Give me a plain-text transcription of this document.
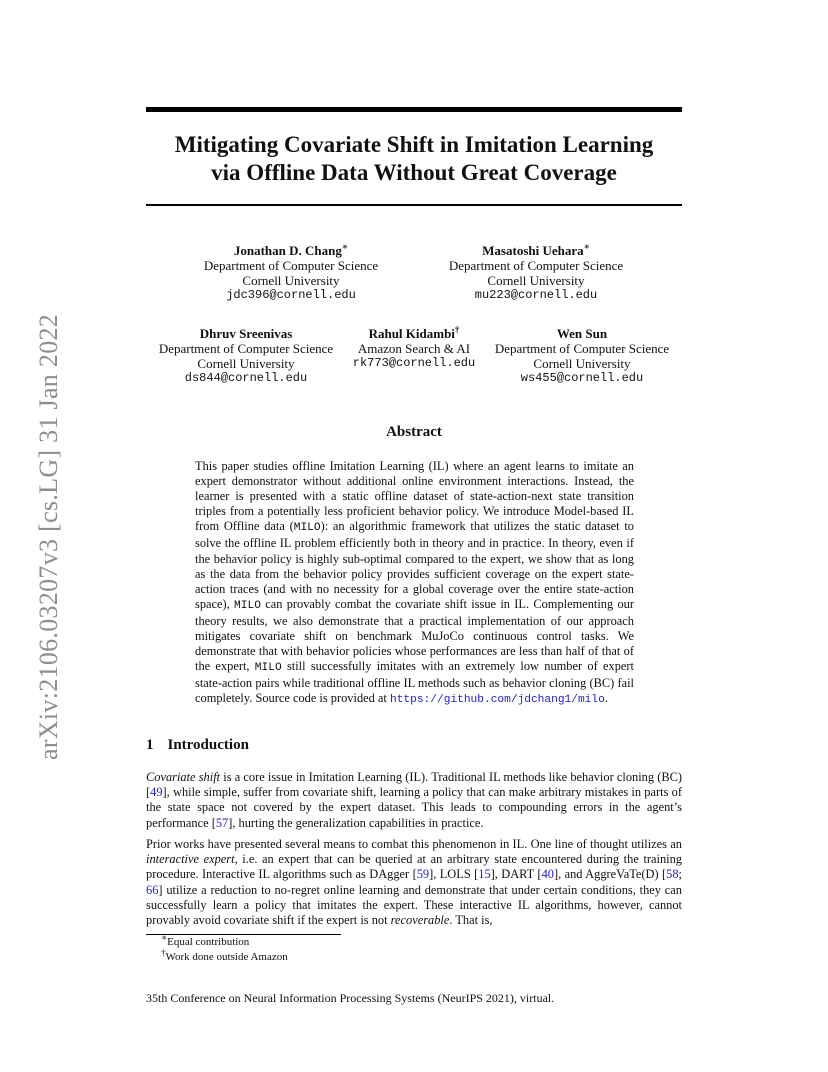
arXiv:2106.03207v3 [cs.LG] 31 Jan 2022
Mitigating Covariate Shift in Imitation Learning
via Offline Data Without Great Coverage
Jonathan D. Chang∗
Department of Computer Science
Cornell University
jdc396@cornell.edu
Masatoshi Uehara∗
Department of Computer Science
Cornell University
mu223@cornell.edu
Dhruv Sreenivas
Department of Computer Science
Cornell University
ds844@cornell.edu
Rahul Kidambi†
Amazon Search & AI
rk773@cornell.edu
Wen Sun
Department of Computer Science
Cornell University
ws455@cornell.edu
Abstract
This paper studies offline Imitation Learning (IL) where an agent learns to imitate an expert demonstrator without additional online environment interactions. Instead, the learner is presented with a static offline dataset of state-action-next state transition triples from a potentially less proficient behavior policy. We introduce Model-based IL from Offline data (MILO): an algorithmic framework that utilizes the static dataset to solve the offline IL problem efficiently both in theory and in practice. In theory, even if the behavior policy is highly sub-optimal compared to the expert, we show that as long as the data from the behavior policy provides sufficient coverage on the expert state-action traces (and with no necessity for a global coverage over the entire state-action space), MILO can provably combat the covariate shift issue in IL. Complementing our theory results, we also demonstrate that a practical implementation of our approach mitigates covariate shift on benchmark MuJoCo continuous control tasks. We demonstrate that with behavior policies whose performances are less than half of that of the expert, MILO still successfully imitates with an extremely low number of expert state-action pairs while traditional offline IL methods such as behavior cloning (BC) fail completely. Source code is provided at https://github.com/jdchang1/milo.
1 Introduction
Covariate shift is a core issue in Imitation Learning (IL). Traditional IL methods like behavior cloning (BC) [49], while simple, suffer from covariate shift, learning a policy that can make arbitrary mistakes in parts of the state space not covered by the expert dataset. This leads to compounding errors in the agent’s performance [57], hurting the generalization capabilities in practice.
Prior works have presented several means to combat this phenomenon in IL. One line of thought utilizes an interactive expert, i.e. an expert that can be queried at an arbitrary state encountered during the training procedure. Interactive IL algorithms such as DAgger [59], LOLS [15], DART [40], and AggreVaTe(D) [58; 66] utilize a reduction to no-regret online learning and demonstrate that under certain conditions, they can successfully learn a policy that imitates the expert. These interactive IL algorithms, however, cannot provably avoid covariate shift if the expert is not recoverable. That is,
∗Equal contribution
†Work done outside Amazon
35th Conference on Neural Information Processing Systems (NeurIPS 2021), virtual.
